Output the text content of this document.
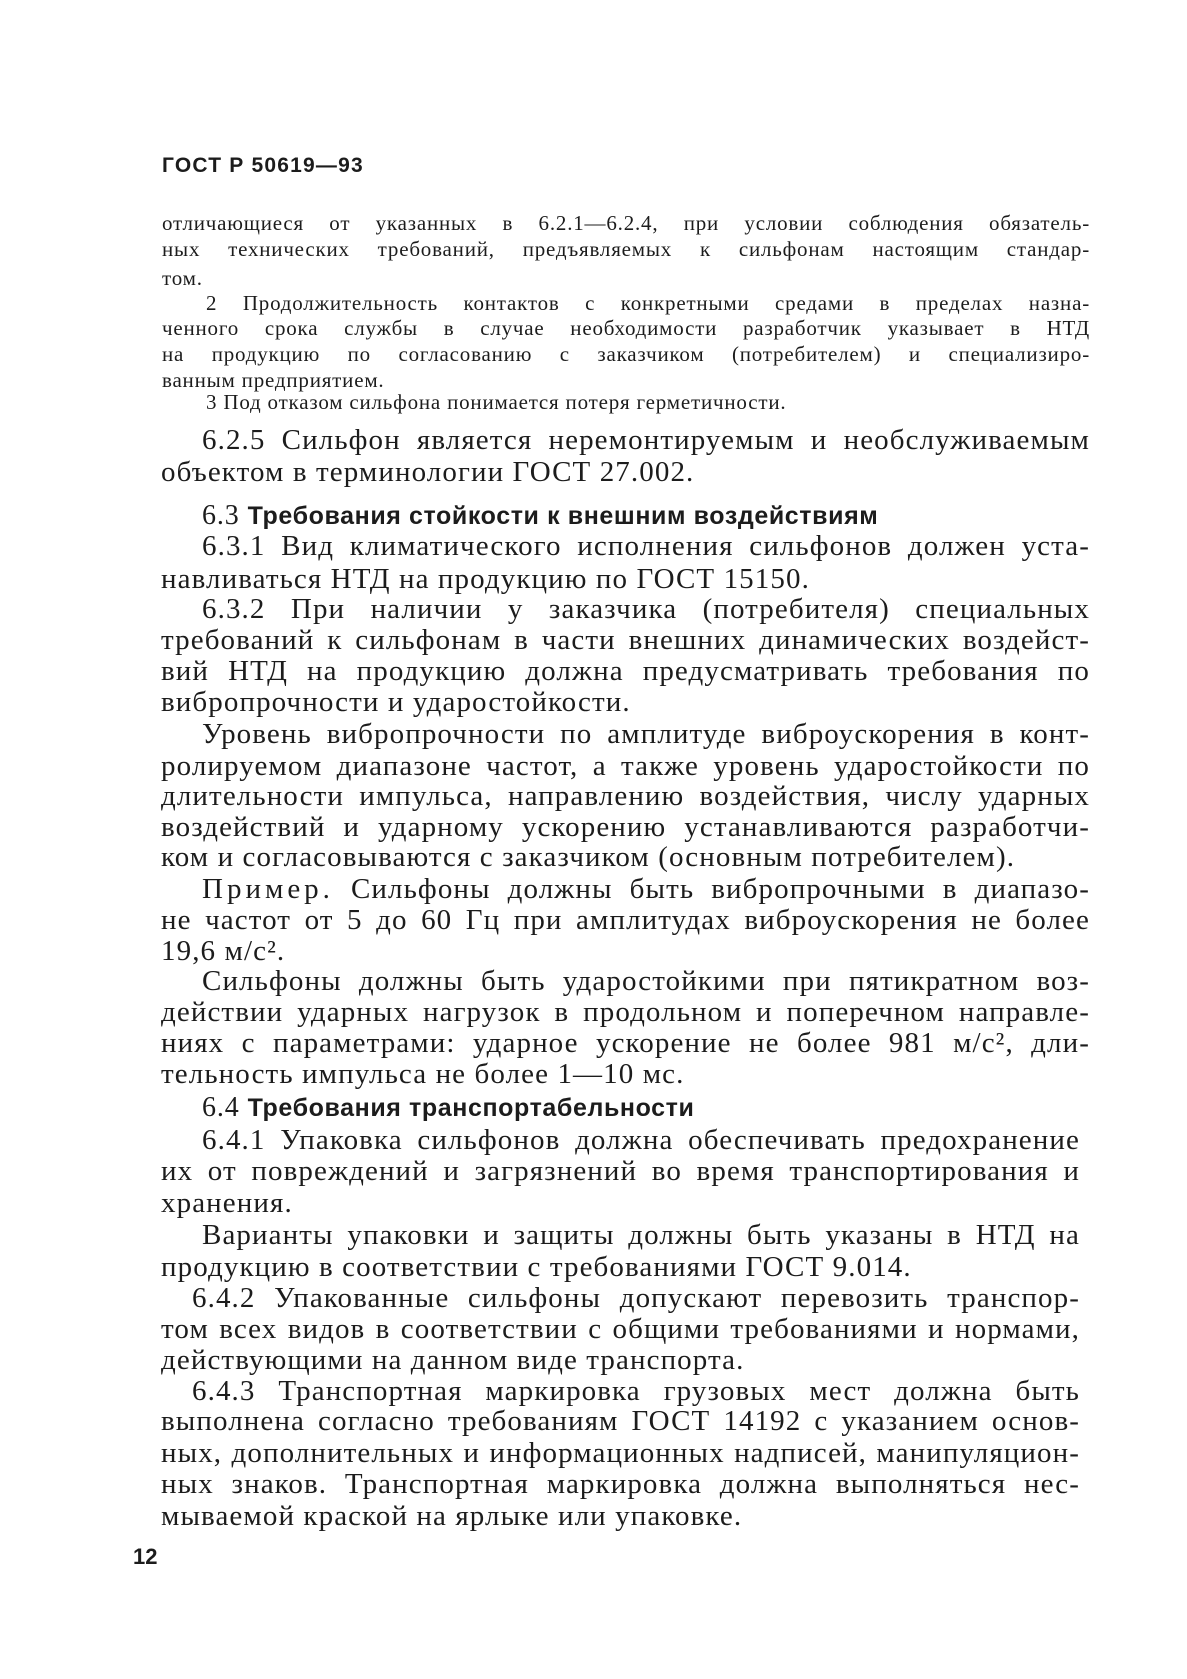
ГОСТ Р 50619—93
отличающиеся от указанных в 6.2.1—6.2.4, при условии соблюдения обязатель-
ных технических требований, предъявляемых к сильфонам настоящим стандар-
том.
2 Продолжительность контактов с конкретными средами в пределах назна-
ченного срока службы в случае необходимости разработчик указывает в НТД
на продукцию по согласованию с заказчиком (потребителем) и специализиро-
ванным предприятием.
3 Под отказом сильфона понимается потеря герметичности.
6.2.5 Сильфон является неремонтируемым и необслуживаемым
объектом в терминологии ГОСТ 27.002.
6.3 Требования стойкости к внешним воздействиям
6.3.1 Вид климатического исполнения сильфонов должен уста-
навливаться НТД на продукцию по ГОСТ 15150.
6.3.2 При наличии у заказчика (потребителя) специальных
требований к сильфонам в части внешних динамических воздейст-
вий НТД на продукцию должна предусматривать требования по
вибропрочности и ударостойкости.
Уровень вибропрочности по амплитуде виброускорения в конт-
ролируемом диапазоне частот, а также уровень ударостойкости по
длительности импульса, направлению воздействия, числу ударных
воздействий и ударному ускорению устанавливаются разработчи-
ком и согласовываются с заказчиком (основным потребителем).
Пример. Сильфоны должны быть вибропрочными в диапазо-
не частот от 5 до 60 Гц при амплитудах виброускорения не более
19,6 м/с².
Сильфоны должны быть ударостойкими при пятикратном воз-
действии ударных нагрузок в продольном и поперечном направле-
ниях с параметрами: ударное ускорение не более 981 м/с², дли-
тельность импульса не более 1—10 мс.
6.4 Требования транспортабельности
6.4.1 Упаковка сильфонов должна обеспечивать предохранение
их от повреждений и загрязнений во время транспортирования и
хранения.
Варианты упаковки и защиты должны быть указаны в НТД на
продукцию в соответствии с требованиями ГОСТ 9.014.
6.4.2 Упакованные сильфоны допускают перевозить транспор-
том всех видов в соответствии с общими требованиями и нормами,
действующими на данном виде транспорта.
6.4.3 Транспортная маркировка грузовых мест должна быть
выполнена согласно требованиям ГОСТ 14192 с указанием основ-
ных, дополнительных и информационных надписей, манипуляцион-
ных знаков. Транспортная маркировка должна выполняться нес-
мываемой краской на ярлыке или упаковке.
12
